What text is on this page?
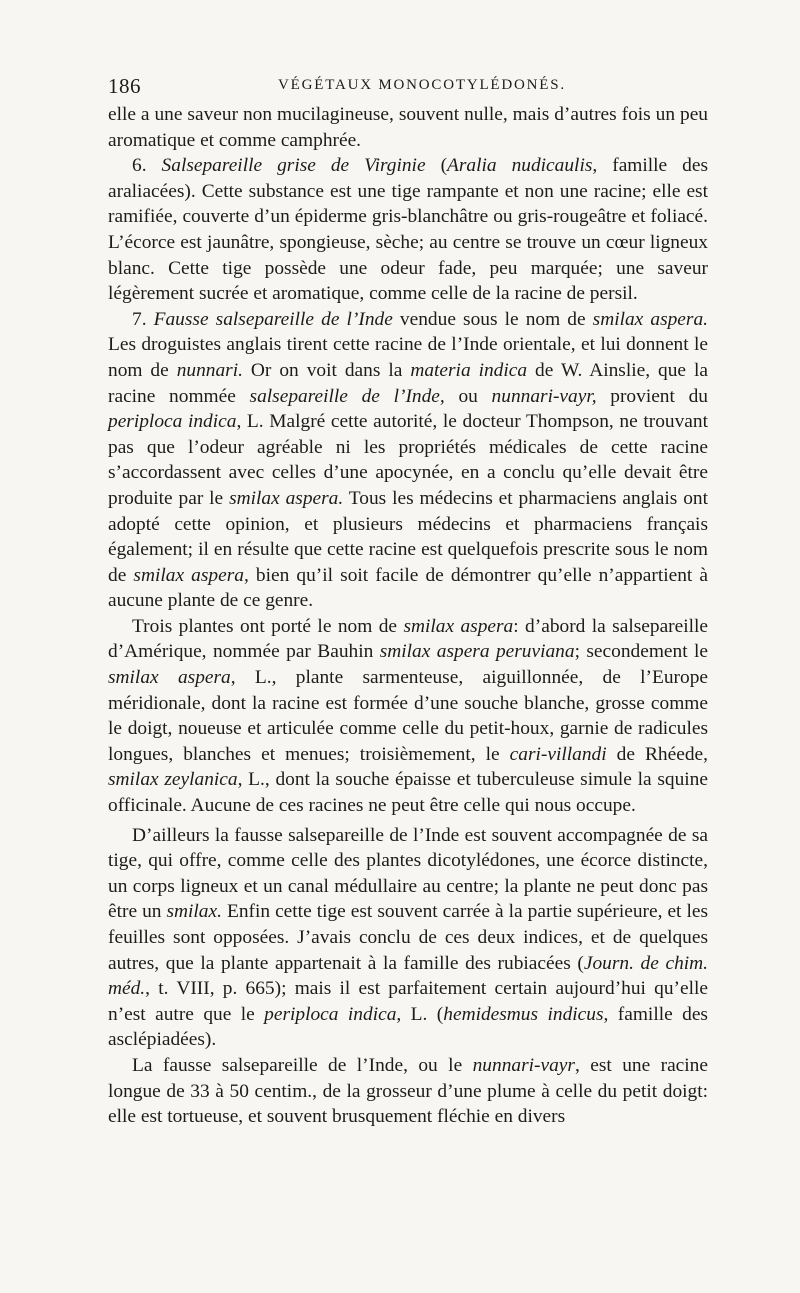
186	VÉGÉTAUX MONOCOTYLÉDONÉS.

elle a une saveur non mucilagineuse, souvent nulle, mais d’autres fois un peu aromatique et comme camphrée.

6. Salsepareille grise de Virginie (Aralia nudicaulis, famille des araliacées). Cette substance est une tige rampante et non une racine; elle est ramifiée, couverte d’un épiderme gris-blanchâtre ou gris-rougeâtre et foliacé. L’écorce est jaunâtre, spongieuse, sèche; au centre se trouve un cœur ligneux blanc. Cette tige possède une odeur fade, peu marquée; une saveur légèrement sucrée et aromatique, comme celle de la racine de persil.

7. Fausse salsepareille de l’Inde vendue sous le nom de smilax aspera. Les droguistes anglais tirent cette racine de l’Inde orientale, et lui donnent le nom de nunnari. Or on voit dans la materia indica de W. Ainslie, que la racine nommée salsepareille de l’Inde, ou nunnari-vayr, provient du periploca indica, L. Malgré cette autorité, le docteur Thompson, ne trouvant pas que l’odeur agréable ni les propriétés médicales de cette racine s’accordassent avec celles d’une apocynée, en a conclu qu’elle devait être produite par le smilax aspera. Tous les médecins et pharmaciens anglais ont adopté cette opinion, et plusieurs médecins et pharmaciens français également; il en résulte que cette racine est quelquefois prescrite sous le nom de smilax aspera, bien qu’il soit facile de démontrer qu’elle n’appartient à aucune plante de ce genre.

Trois plantes ont porté le nom de smilax aspera: d’abord la salsepareille d’Amérique, nommée par Bauhin smilax aspera peruviana; secondement le smilax aspera, L., plante sarmenteuse, aiguillonnée, de l’Europe méridionale, dont la racine est formée d’une souche blanche, grosse comme le doigt, noueuse et articulée comme celle du petit-houx, garnie de radicules longues, blanches et menues; troisièmement, le cari-villandi de Rhéede, smilax zeylanica, L., dont la souche épaisse et tuberculeuse simule la squine officinale. Aucune de ces racines ne peut être celle qui nous occupe.

D’ailleurs la fausse salsepareille de l’Inde est souvent accompagnée de sa tige, qui offre, comme celle des plantes dicotylédones, une écorce distincte, un corps ligneux et un canal médullaire au centre; la plante ne peut donc pas être un smilax. Enfin cette tige est souvent carrée à la partie supérieure, et les feuilles sont opposées. J’avais conclu de ces deux indices, et de quelques autres, que la plante appartenait à la famille des rubiacées (Journ. de chim. méd., t. VIII, p. 665); mais il est parfaitement certain aujourd’hui qu’elle n’est autre que le periploca indica, L. (hemidesmus indicus, famille des asclépiadées).

La fausse salsepareille de l’Inde, ou le nunnari-vayr, est une racine longue de 33 à 50 centim., de la grosseur d’une plume à celle du petit doigt: elle est tortueuse, et souvent brusquement fléchie en divers
